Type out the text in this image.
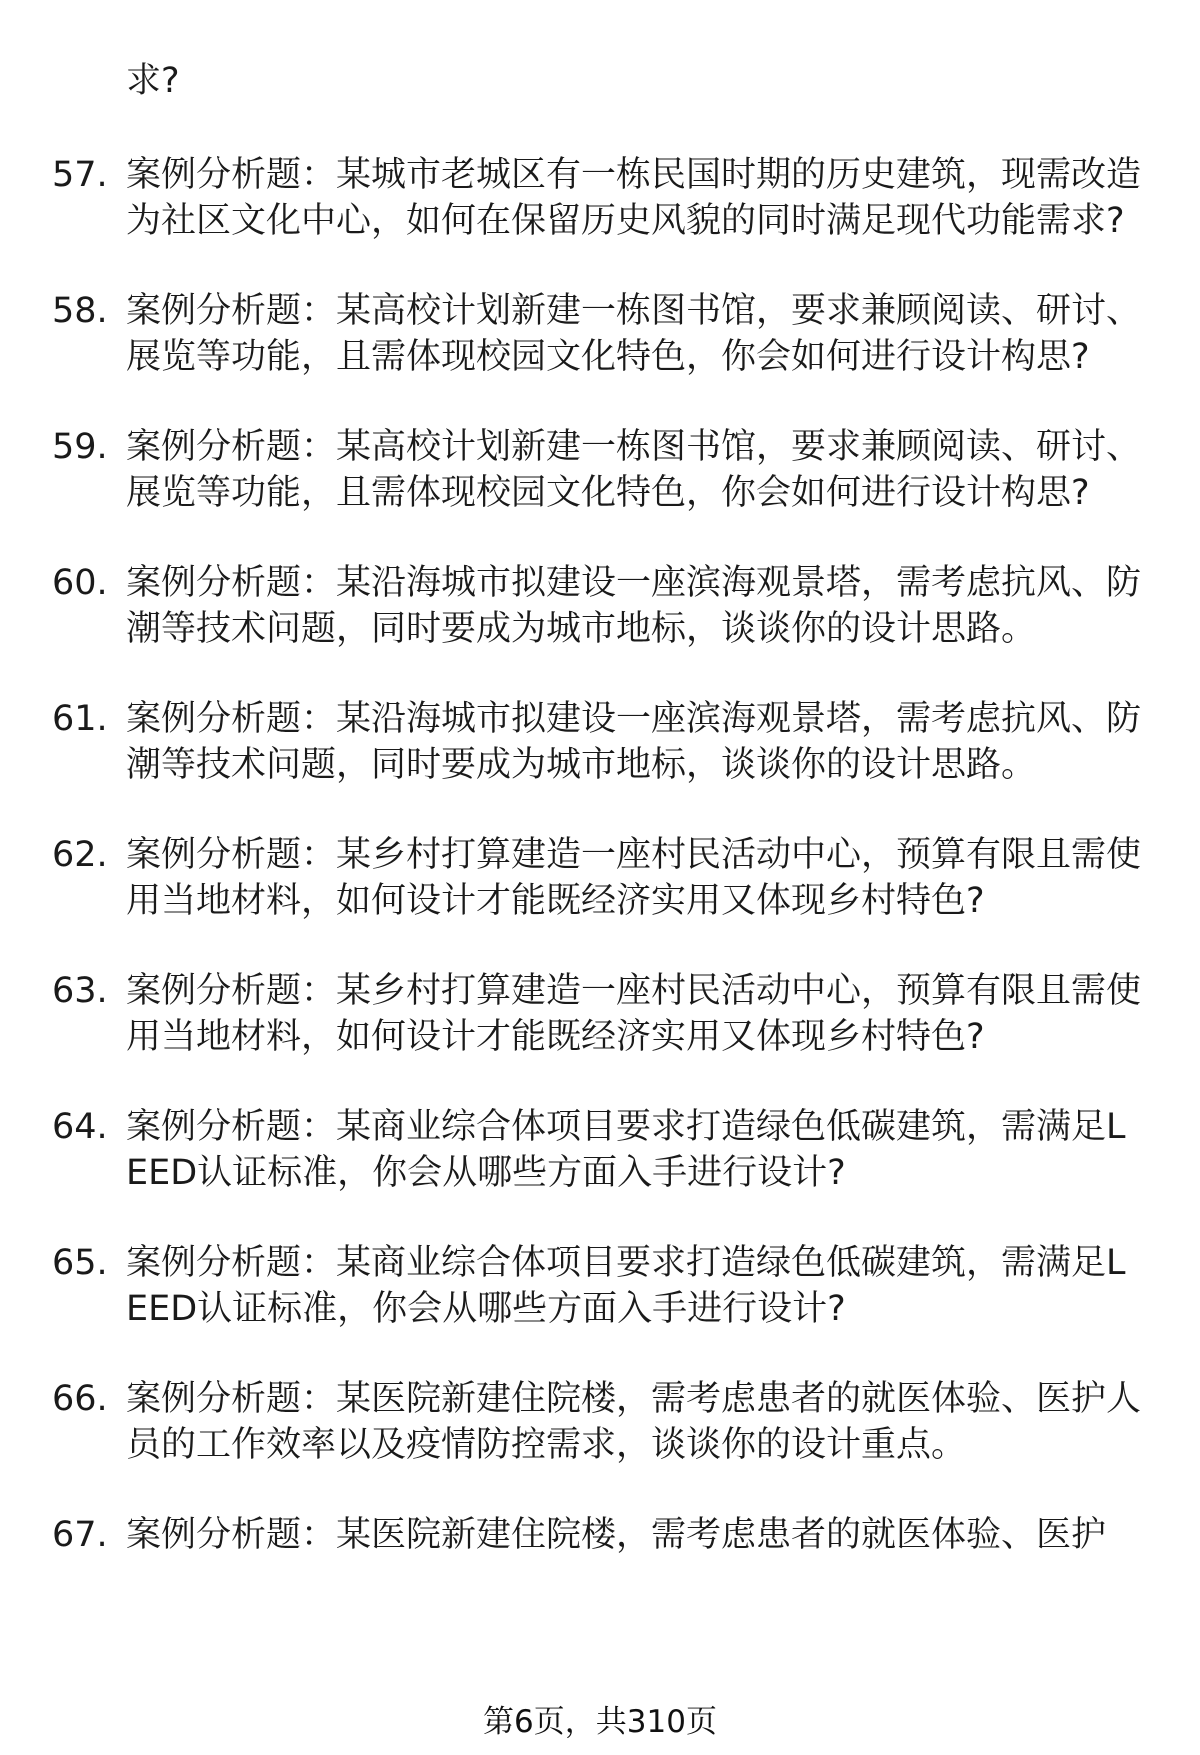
求?
57. 案例分析题：某城市老城区有一栋民国时期的历史建筑，现需改造为社区文化中心，如何在保留历史风貌的同时满足现代功能需求?
58. 案例分析题：某高校计划新建一栋图书馆，要求兼顾阅读、研讨、展览等功能，且需体现校园文化特色，你会如何进行设计构思?
59. 案例分析题：某高校计划新建一栋图书馆，要求兼顾阅读、研讨、展览等功能，且需体现校园文化特色，你会如何进行设计构思?
60. 案例分析题：某沿海城市拟建设一座滨海观景塔，需考虑抗风、防潮等技术问题，同时要成为城市地标，谈谈你的设计思路。
61. 案例分析题：某沿海城市拟建设一座滨海观景塔，需考虑抗风、防潮等技术问题，同时要成为城市地标，谈谈你的设计思路。
62. 案例分析题：某乡村打算建造一座村民活动中心，预算有限且需使用当地材料，如何设计才能既经济实用又体现乡村特色?
63. 案例分析题：某乡村打算建造一座村民活动中心，预算有限且需使用当地材料，如何设计才能既经济实用又体现乡村特色?
64. 案例分析题：某商业综合体项目要求打造绿色低碳建筑，需满足LEED认证标准，你会从哪些方面入手进行设计?
65. 案例分析题：某商业综合体项目要求打造绿色低碳建筑，需满足LEED认证标准，你会从哪些方面入手进行设计?
66. 案例分析题：某医院新建住院楼，需考虑患者的就医体验、医护人员的工作效率以及疫情防控需求，谈谈你的设计重点。
67. 案例分析题：某医院新建住院楼，需考虑患者的就医体验、医护
第6页，共310页
